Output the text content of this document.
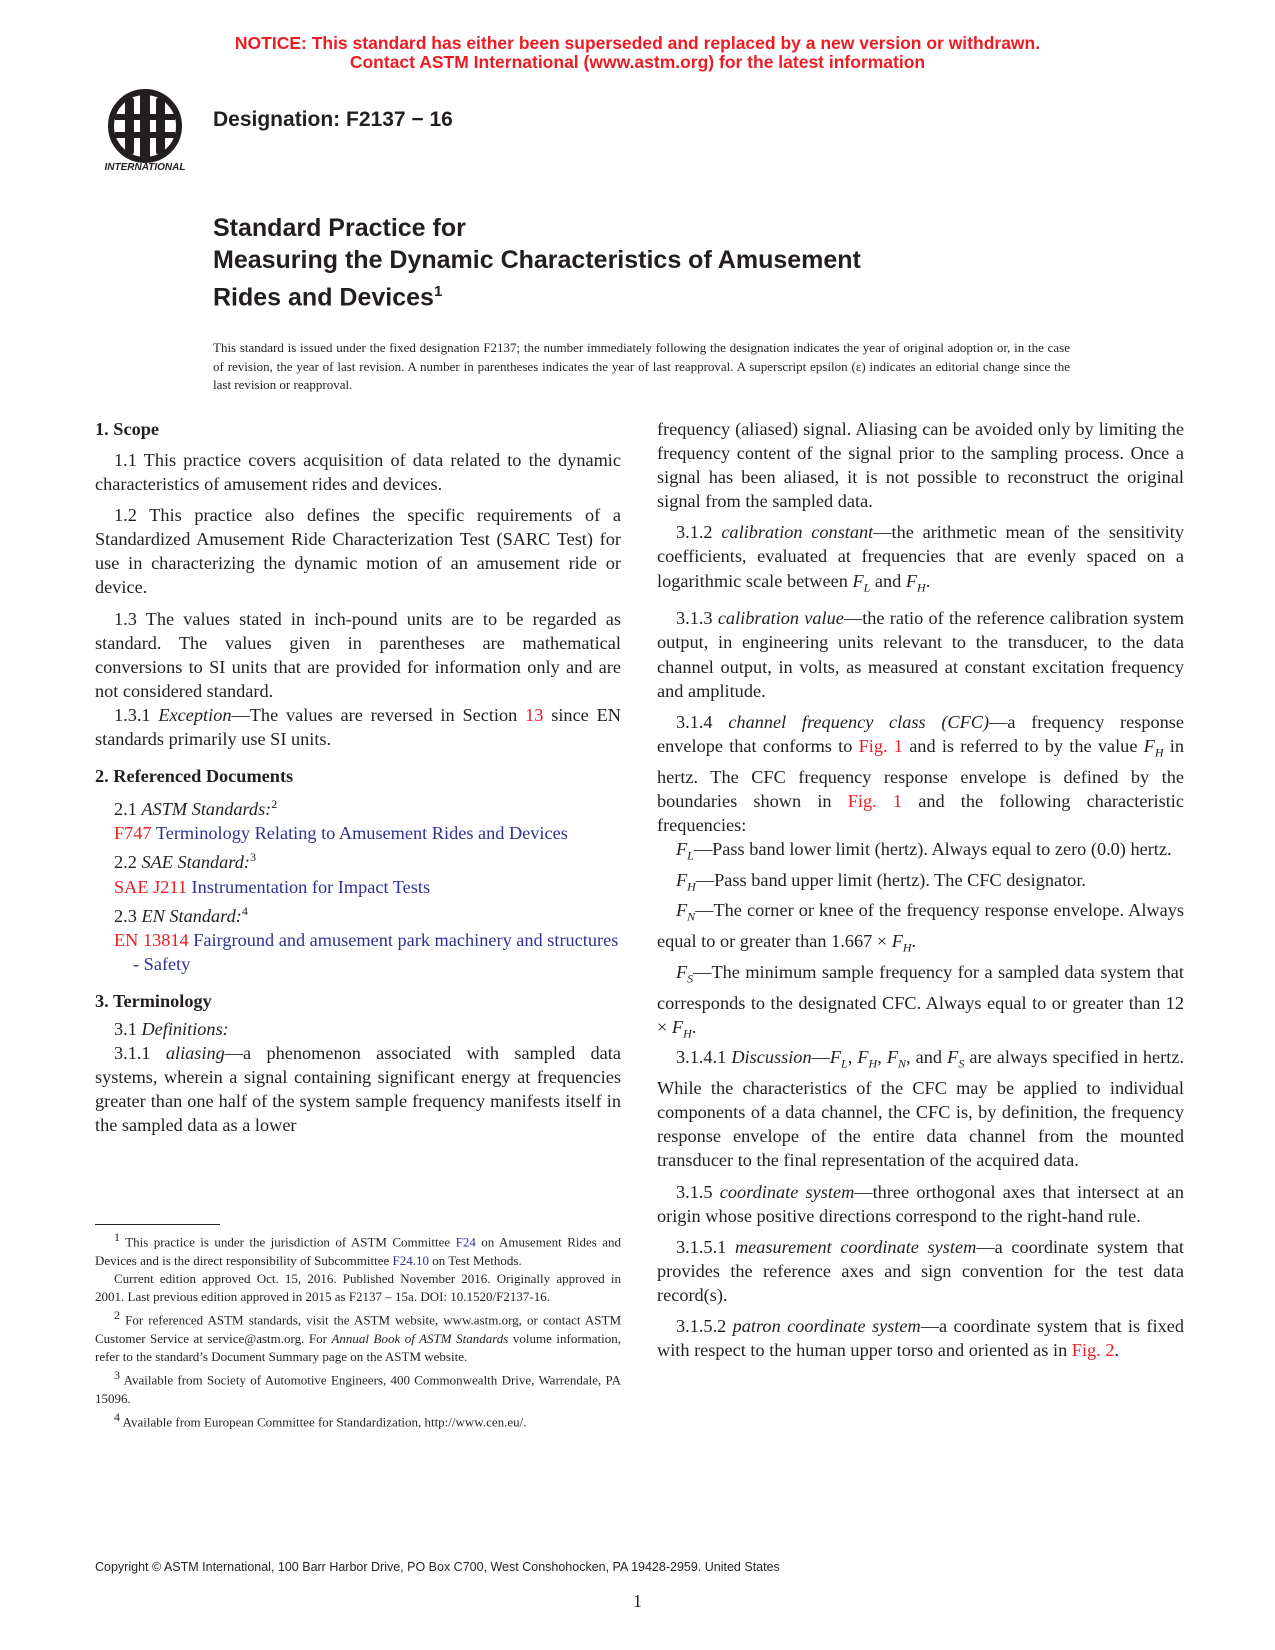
NOTICE: This standard has either been superseded and replaced by a new version or withdrawn.
Contact ASTM International (www.astm.org) for the latest information
INTERNATIONAL
Designation: F2137 − 16
Standard Practice for
Measuring the Dynamic Characteristics of Amusement
Rides and Devices$^1$
This standard is issued under the fixed designation F2137; the number immediately following the designation indicates the year of original adoption or, in the case of revision, the year of last revision. A number in parentheses indicates the year of last reapproval. A superscript epsilon (ε) indicates an editorial change since the last revision or reapproval.
1. Scope

1.1 This practice covers acquisition of data related to the dynamic characteristics of amusement rides and devices.

1.2 This practice also defines the specific requirements of a Standardized Amusement Ride Characterization Test (SARC Test) for use in characterizing the dynamic motion of an amusement ride or device.

1.3 The values stated in inch-pound units are to be regarded as standard. The values given in parentheses are mathematical conversions to SI units that are provided for information only and are not considered standard.

1.3.1 Exception—The values are reversed in Section 13 since EN standards primarily use SI units.

2. Referenced Documents

2.1 ASTM Standards:$^2$

F747 Terminology Relating to Amusement Rides and Devices

2.2 SAE Standard:$^3$

SAE J211 Instrumentation for Impact Tests

2.3 EN Standard:$^4$

EN 13814 Fairground and amusement park machinery and structures - Safety

3. Terminology

3.1 Definitions:

3.1.1 aliasing—a phenomenon associated with sampled data systems, wherein a signal containing significant energy at frequencies greater than one half of the system sample frequency manifests itself in the sampled data as a lower

$^1$ This practice is under the jurisdiction of ASTM Committee F24 on Amusement Rides and Devices and is the direct responsibility of Subcommittee F24.10 on Test Methods.

Current edition approved Oct. 15, 2016. Published November 2016. Originally approved in 2001. Last previous edition approved in 2015 as F2137 – 15a. DOI: 10.1520/F2137-16.

$^2$ For referenced ASTM standards, visit the ASTM website, www.astm.org, or contact ASTM Customer Service at service@astm.org. For Annual Book of ASTM Standards volume information, refer to the standard’s Document Summary page on the ASTM website.

$^3$ Available from Society of Automotive Engineers, 400 Commonwealth Drive, Warrendale, PA 15096.

$^4$ Available from European Committee for Standardization, http://www.cen.eu/.

frequency (aliased) signal. Aliasing can be avoided only by limiting the frequency content of the signal prior to the sampling process. Once a signal has been aliased, it is not possible to reconstruct the original signal from the sampled data.

3.1.2 calibration constant—the arithmetic mean of the sensitivity coefficients, evaluated at frequencies that are evenly spaced on a logarithmic scale between $F_L$ and $F_H$.

3.1.3 calibration value—the ratio of the reference calibration system output, in engineering units relevant to the transducer, to the data channel output, in volts, as measured at constant excitation frequency and amplitude.

3.1.4 channel frequency class (CFC)—a frequency response envelope that conforms to Fig. 1 and is referred to by the value $F_H$ in hertz. The CFC frequency response envelope is defined by the boundaries shown in Fig. 1 and the following characteristic frequencies:

$F_L—Pass$ band lower limit (hertz). Always equal to zero (0.0) hertz.

$F_H—Pass$ band upper limit (hertz). The CFC designator.

$F_N—The$ corner or knee of the frequency response envelope. Always equal to or greater than $1.667 \times F_H$.

$F_S—The$ minimum sample frequency for a sampled data system that corresponds to the designated CFC. Always equal to or greater than $12 \times F_H$.

3.1.4.1 $Discussion—F_L$, $F_H$, $F_N$, and $F_S$ are always specified in hertz. While the characteristics of the CFC may be applied to individual components of a data channel, the CFC is, by definition, the frequency response envelope of the entire data channel from the mounted transducer to the final representation of the acquired data.

3.1.5 coordinate system—three orthogonal axes that intersect at an origin whose positive directions correspond to the right-hand rule.

3.1.5.1 measurement coordinate system—a coordinate system that provides the reference axes and sign convention for the test data record(s).

3.1.5.2 patron coordinate system—a coordinate system that is fixed with respect to the human upper torso and oriented as in Fig. 2.

Copyright © ASTM International, 100 Barr Harbor Drive, PO Box C700, West Conshohocken, PA 19428-2959. United States
1
